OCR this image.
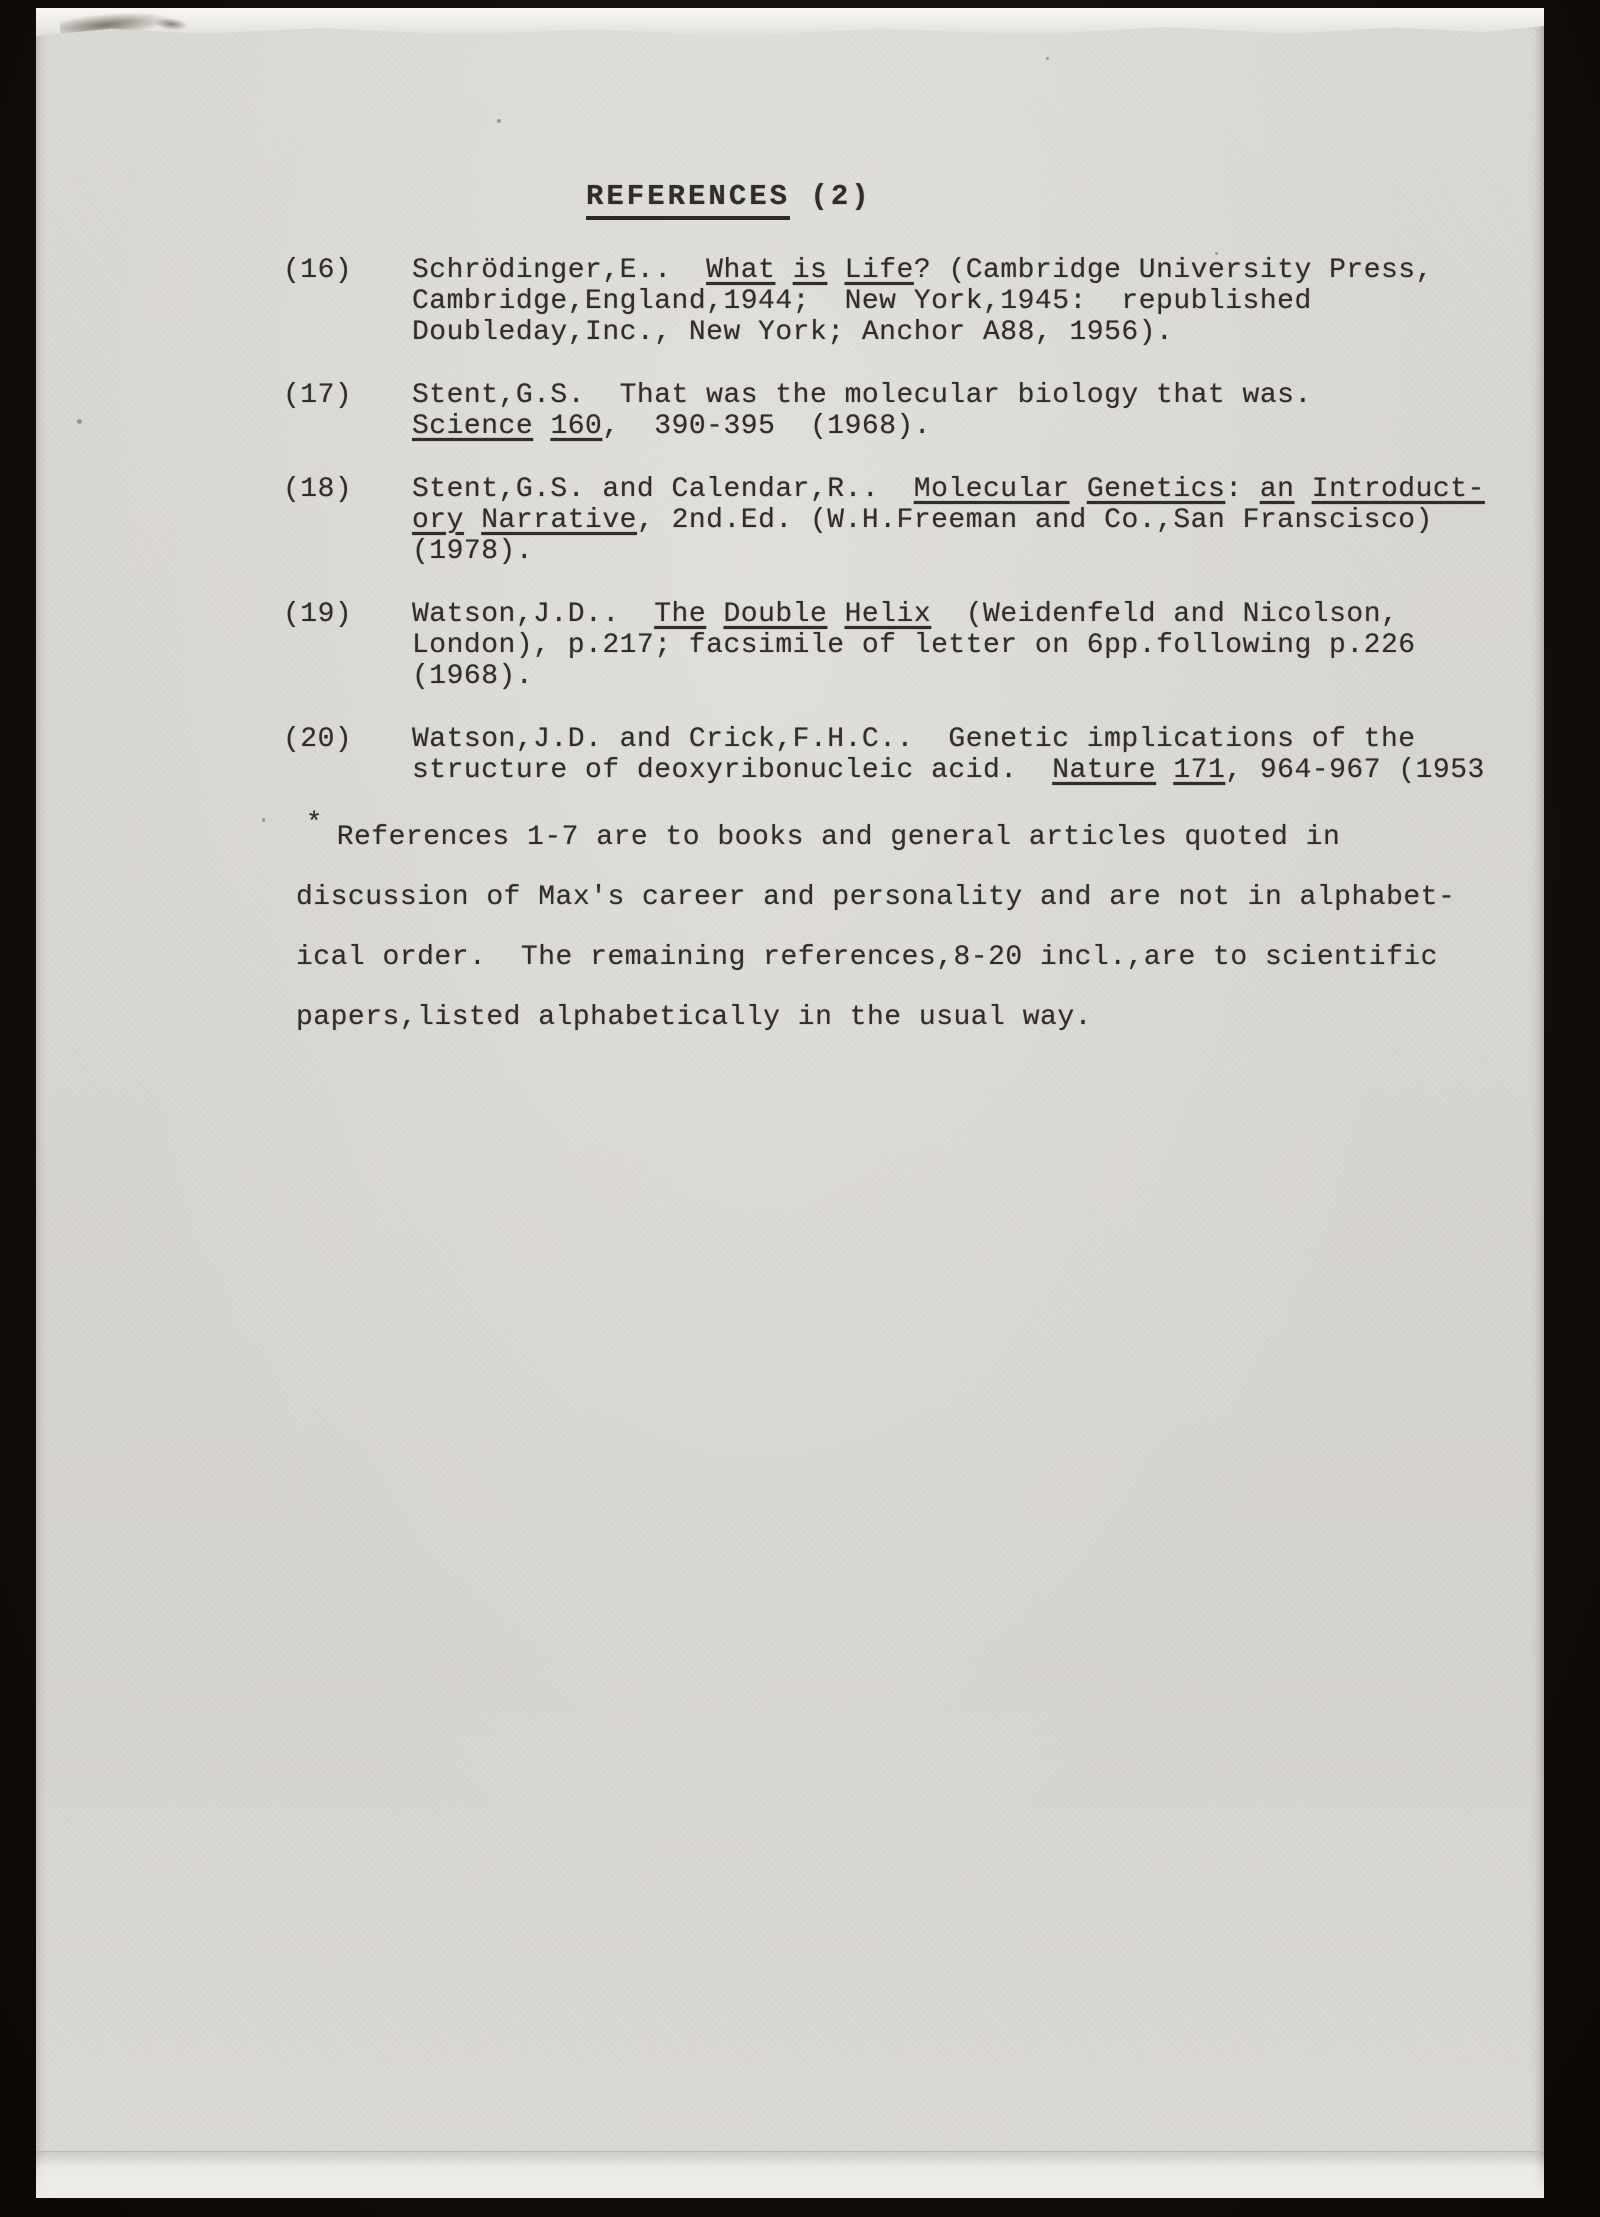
REFERENCES (2)
(16)	Schrödinger,E..  What is Life? (Cambridge University Press,
Cambridge,England,1944;  New York,1945:  republished
Doubleday,Inc., New York; Anchor A88, 1956).
(17)	Stent,G.S.  That was the molecular biology that was.
Science 160,  390-395  (1968).
(18)	Stent,G.S. and Calendar,R..  Molecular Genetics: an Introduct-
ory Narrative, 2nd.Ed. (W.H.Freeman and Co.,San Franscisco)
(1978).
(19)	Watson,J.D..  The Double Helix  (Weidenfeld and Nicolson,
London), p.217; facsimile of letter on 6pp.following p.226
(1968).
(20)	Watson,J.D. and Crick,F.H.C..  Genetic implications of the
structure of deoxyribonucleic acid.  Nature 171, 964-967 (1953
* References 1-7 are to books and general articles quoted in
discussion of Max's career and personality and are not in alphabet-
ical order.  The remaining references,8-20 incl.,are to scientific
papers,listed alphabetically in the usual way.
